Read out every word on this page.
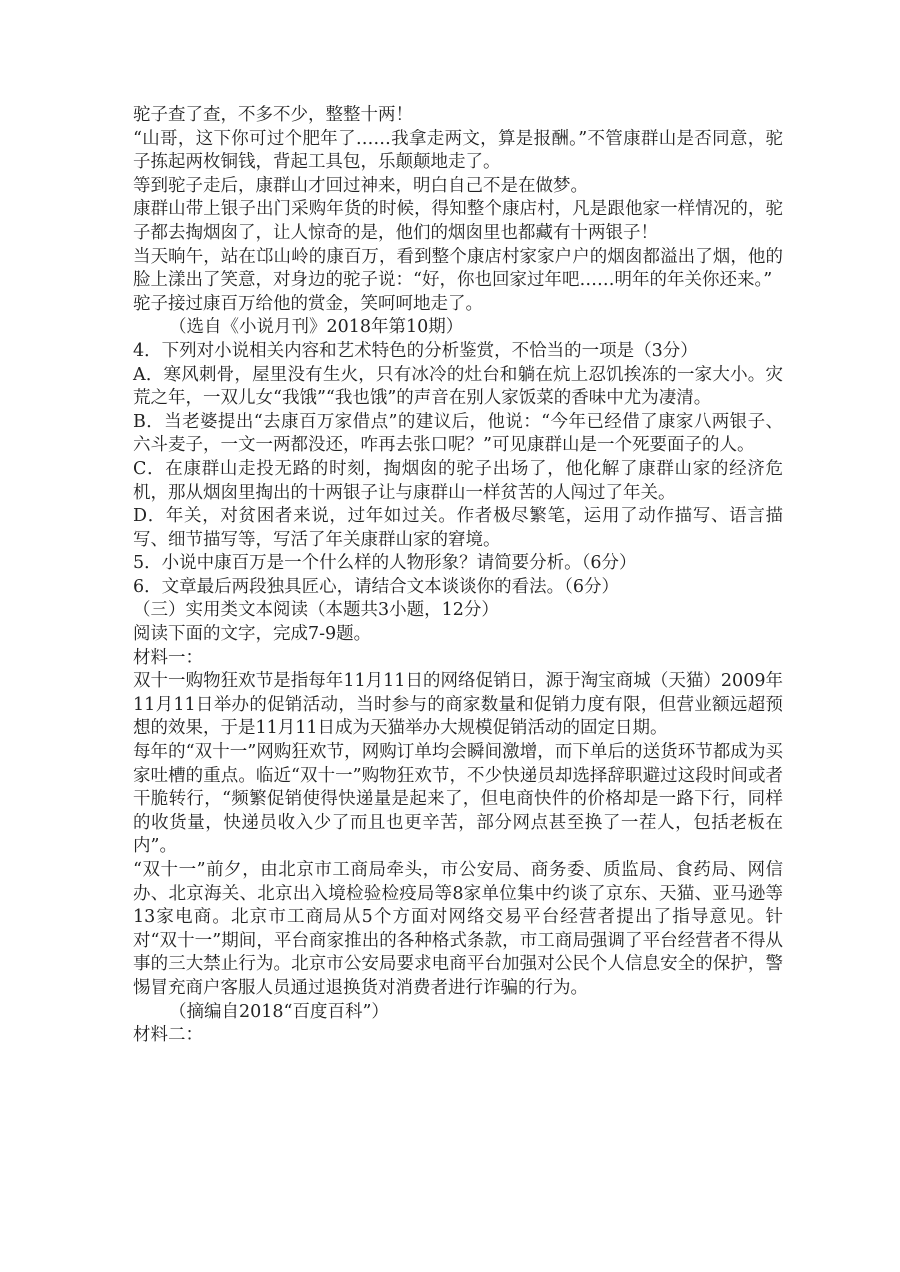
驼子查了查，不多不少，整整十两！

“山哥，这下你可过个肥年了……我拿走两文，算是报酬。”不管康群山是否同意，驼子拣起两枚铜钱，背起工具包，乐颠颠地走了。

等到驼子走后，康群山才回过神来，明白自己不是在做梦。

康群山带上银子出门采购年货的时候，得知整个康店村，凡是跟他家一样情况的，驼子都去掏烟囱了，让人惊奇的是，他们的烟囱里也都藏有十两银子！

当天晌午，站在邙山岭的康百万，看到整个康店村家家户户的烟囱都溢出了烟，他的脸上漾出了笑意，对身边的驼子说：“好，你也回家过年吧……明年的年关你还来。”

驼子接过康百万给他的赏金，笑呵呵地走了。

（选自《小说月刊》2018年第10期）

4．下列对小说相关内容和艺术特色的分析鉴赏，不恰当的一项是（3分）

A．寒风刺骨，屋里没有生火，只有冰冷的灶台和躺在炕上忍饥挨冻的一家大小。灾荒之年，一双儿女“我饿”“我也饿”的声音在别人家饭菜的香味中尤为凄清。

B．当老婆提出“去康百万家借点”的建议后，他说：“今年已经借了康家八两银子、六斗麦子，一文一两都没还，咋再去张口呢？”可见康群山是一个死要面子的人。

C．在康群山走投无路的时刻，掏烟囱的驼子出场了，他化解了康群山家的经济危机，那从烟囱里掏出的十两银子让与康群山一样贫苦的人闯过了年关。

D．年关，对贫困者来说，过年如过关。作者极尽繁笔，运用了动作描写、语言描写、细节描写等，写活了年关康群山家的窘境。

5．小说中康百万是一个什么样的人物形象？请简要分析。（6分）

6．文章最后两段独具匠心，请结合文本谈谈你的看法。（6分）

（三）实用类文本阅读（本题共3小题，12分）

阅读下面的文字，完成7-9题。

材料一：

双十一购物狂欢节是指每年11月11日的网络促销日，源于淘宝商城（天猫）2009年11月11日举办的促销活动，当时参与的商家数量和促销力度有限，但营业额远超预想的效果，于是11月11日成为天猫举办大规模促销活动的固定日期。

每年的“双十一”网购狂欢节，网购订单均会瞬间激增，而下单后的送货环节都成为买家吐槽的重点。临近“双十一”购物狂欢节，不少快递员却选择辞职避过这段时间或者干脆转行，“频繁促销使得快递量是起来了，但电商快件的价格却是一路下行，同样的收货量，快递员收入少了而且也更辛苦，部分网点甚至换了一茬人，包括老板在内”。

“双十一”前夕，由北京市工商局牵头，市公安局、商务委、质监局、食药局、网信办、北京海关、北京出入境检验检疫局等8家单位集中约谈了京东、天猫、亚马逊等13家电商。北京市工商局从5个方面对网络交易平台经营者提出了指导意见。针对“双十一”期间，平台商家推出的各种格式条款，市工商局强调了平台经营者不得从事的三大禁止行为。北京市公安局要求电商平台加强对公民个人信息安全的保护，警惕冒充商户客服人员通过退换货对消费者进行诈骗的行为。

（摘编自2018“百度百科”）

材料二：
